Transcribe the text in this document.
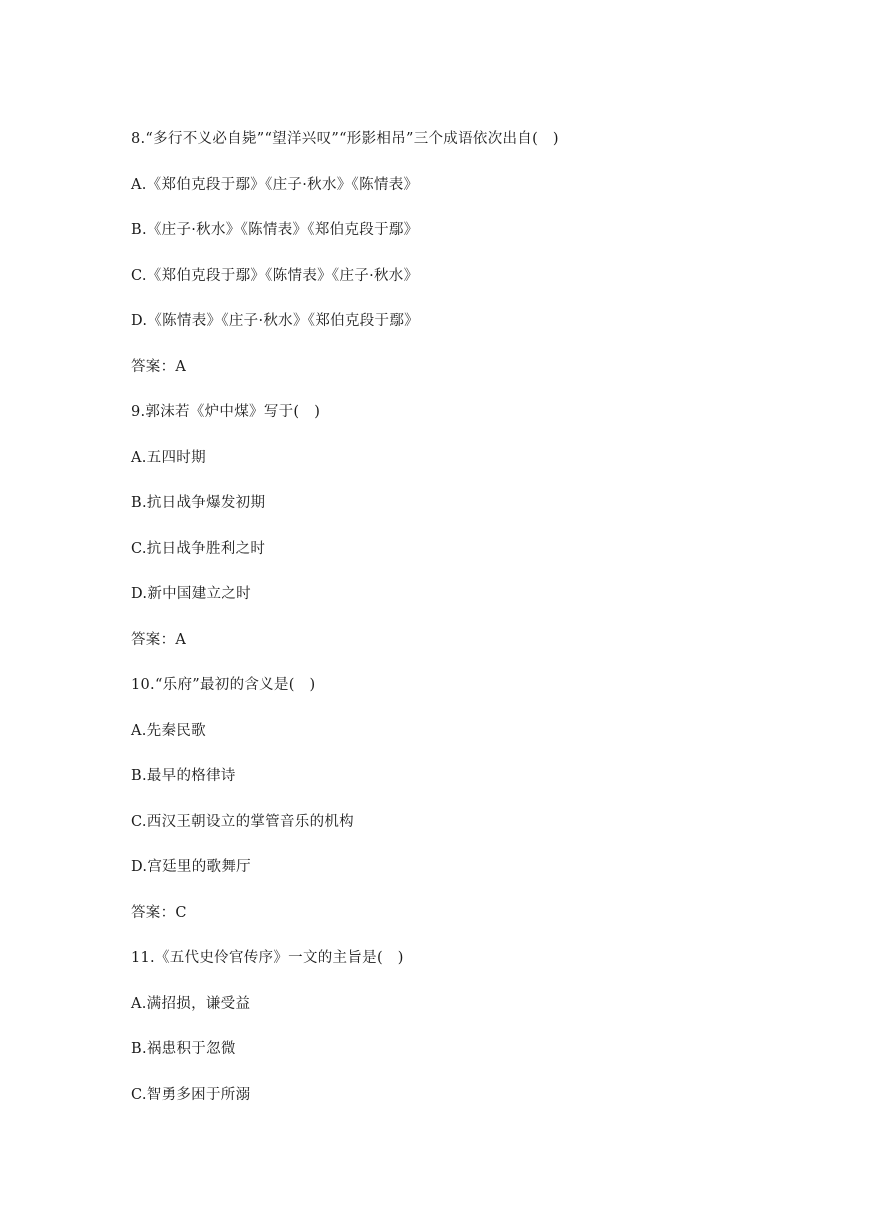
8.“多行不义必自毙”“望洋兴叹”“形影相吊”三个成语依次出自(　)
A.《郑伯克段于鄢》《庄子·秋水》《陈情表》
B.《庄子·秋水》《陈情表》《郑伯克段于鄢》
C.《郑伯克段于鄢》《陈情表》《庄子·秋水》
D.《陈情表》《庄子·秋水》《郑伯克段于鄢》
答案：A
9.郭沫若《炉中煤》写于(　)
A.五四时期
B.抗日战争爆发初期
C.抗日战争胜利之时
D.新中国建立之时
答案：A
10.“乐府”最初的含义是(　)
A.先秦民歌
B.最早的格律诗
C.西汉王朝设立的掌管音乐的机构
D.宫廷里的歌舞厅
答案：C
11.《五代史伶官传序》一文的主旨是(　)
A.满招损，谦受益
B.祸患积于忽微
C.智勇多困于所溺
